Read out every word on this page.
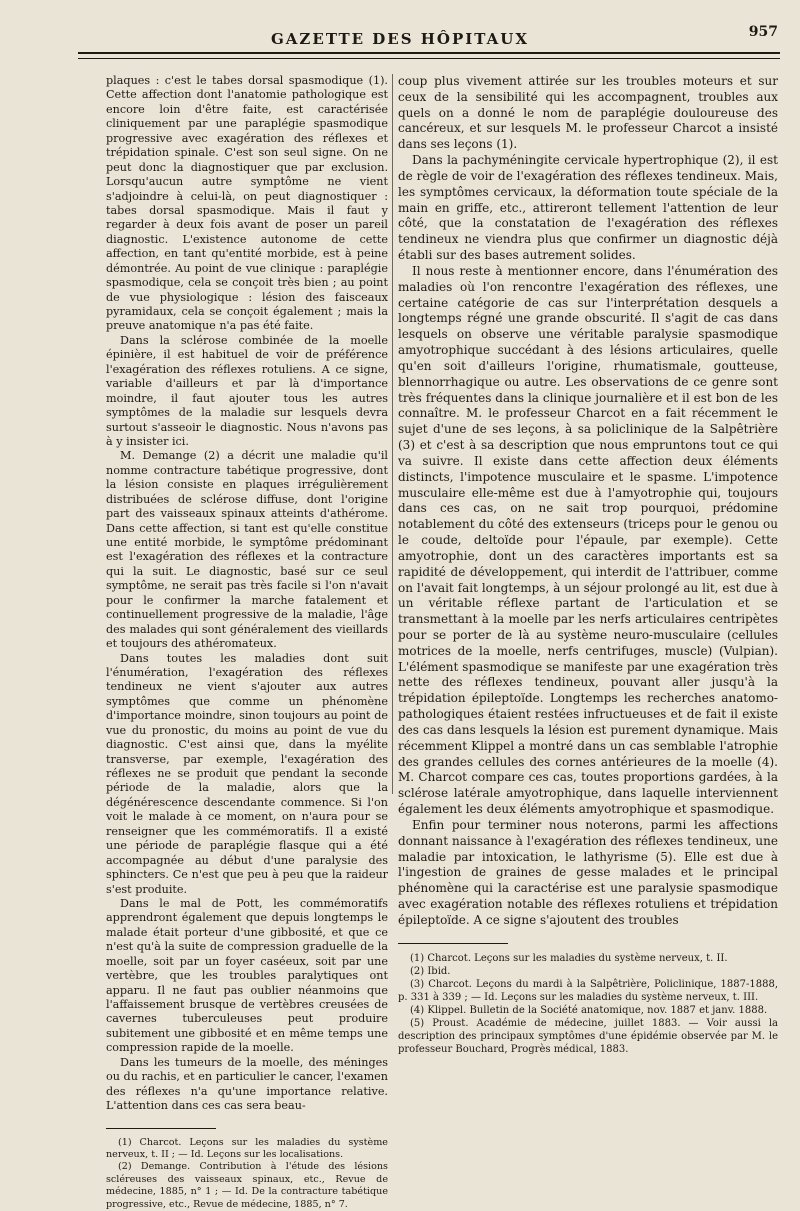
GAZETTE DES HÔPITAUX	957

plaques : c'est le tabes dorsal spasmodique (1). Cette affection dont l'anatomie pathologique est encore loin d'être faite, est caractérisée cliniquement par une paraplégie spasmodique progressive avec exagération des réflexes et trépidation spinale. C'est son seul signe. On ne peut donc la diagnostiquer que par exclusion. Lorsqu'aucun autre symptôme ne vient s'adjoindre à celui-là, on peut diagnostiquer : tabes dorsal spasmodique. Mais il faut y regarder à deux fois avant de poser un pareil diagnostic. L'existence autonome de cette affection, en tant qu'entité morbide, est à peine démontrée. Au point de vue clinique : paraplégie spasmodique, cela se conçoit très bien ; au point de vue physiologique : lésion des faisceaux pyramidaux, cela se conçoit également ; mais la preuve anatomique n'a pas été faite.

Dans la sclérose combinée de la moelle épinière, il est habituel de voir de préférence l'exagération des réflexes rotuliens. A ce signe, variable d'ailleurs et par là d'importance moindre, il faut ajouter tous les autres symptômes de la maladie sur lesquels devra surtout s'asseoir le diagnostic. Nous n'avons pas à y insister ici.

M. Demange (2) a décrit une maladie qu'il nomme contracture tabétique progressive, dont la lésion consiste en plaques irrégulièrement distribuées de sclérose diffuse, dont l'origine part des vaisseaux spinaux atteints d'athérome. Dans cette affection, si tant est qu'elle constitue une entité morbide, le symptôme prédominant est l'exagération des réflexes et la contracture qui la suit. Le diagnostic, basé sur ce seul symptôme, ne serait pas très facile si l'on n'avait pour le confirmer la marche fatalement et continuellement progressive de la maladie, l'âge des malades qui sont généralement des vieillards et toujours des athéromateux.

Dans toutes les maladies dont suit l'énumération, l'exagération des réflexes tendineux ne vient s'ajouter aux autres symptômes que comme un phénomène d'importance moindre, sinon toujours au point de vue du pronostic, du moins au point de vue du diagnostic. C'est ainsi que, dans la myélite transverse, par exemple, l'exagération des réflexes ne se produit que pendant la seconde période de la maladie, alors que la dégénérescence descendante commence. Si l'on voit le malade à ce moment, on n'aura pour se renseigner que les commémoratifs. Il a existé une période de paraplégie flasque qui a été accompagnée au début d'une paralysie des sphincters. Ce n'est que peu à peu que la raideur s'est produite.

Dans le mal de Pott, les commémoratifs apprendront également que depuis longtemps le malade était porteur d'une gibbosité, et que ce n'est qu'à la suite de compression graduelle de la moelle, soit par un foyer caséeux, soit par une vertèbre, que les troubles paralytiques ont apparu. Il ne faut pas oublier néanmoins que l'affaissement brusque de vertèbres creusées de cavernes tuberculeuses peut produire subitement une gibbosité et en même temps une compression rapide de la moelle.

Dans les tumeurs de la moelle, des méninges ou du rachis, et en particulier le cancer, l'examen des réflexes n'a qu'une importance relative. L'attention dans ces cas sera beau-

(1) Charcot. Leçons sur les maladies du système nerveux, t. II ; — Id. Leçons sur les localisations.

(2) Demange. Contribution à l'étude des lésions scléreuses des vaisseaux spinaux, etc., Revue de médecine, 1885, n° 1 ; — Id. De la contracture tabétique progressive, etc., Revue de médecine, 1885, n° 7.

coup plus vivement attirée sur les troubles moteurs et sur ceux de la sensibilité qui les accompagnent, troubles aux quels on a donné le nom de paraplégie douloureuse des cancéreux, et sur lesquels M. le professeur Charcot a insisté dans ses leçons (1).

Dans la pachyméningite cervicale hypertrophique (2), il est de règle de voir de l'exagération des réflexes tendineux. Mais, les symptômes cervicaux, la déformation toute spéciale de la main en griffe, etc., attireront tellement l'attention de leur côté, que la constatation de l'exagération des réflexes tendineux ne viendra plus que confirmer un diagnostic déjà établi sur des bases autrement solides.

Il nous reste à mentionner encore, dans l'énumération des maladies où l'on rencontre l'exagération des réflexes, une certaine catégorie de cas sur l'interprétation desquels a longtemps régné une grande obscurité. Il s'agit de cas dans lesquels on observe une véritable paralysie spasmodique amyotrophique succédant à des lésions articulaires, quelle qu'en soit d'ailleurs l'origine, rhumatismale, goutteuse, blennorrhagique ou autre. Les observations de ce genre sont très fréquentes dans la clinique journalière et il est bon de les connaître. M. le professeur Charcot en a fait récemment le sujet d'une de ses leçons, à sa policlinique de la Salpêtrière (3) et c'est à sa description que nous empruntons tout ce qui va suivre. Il existe dans cette affection deux éléments distincts, l'impotence musculaire et le spasme. L'impotence musculaire elle-même est due à l'amyotrophie qui, toujours dans ces cas, on ne sait trop pourquoi, prédomine notablement du côté des extenseurs (triceps pour le genou ou le coude, deltoïde pour l'épaule, par exemple). Cette amyotrophie, dont un des caractères importants est sa rapidité de développement, qui interdit de l'attribuer, comme on l'avait fait longtemps, à un séjour prolongé au lit, est due à un véritable réflexe partant de l'articulation et se transmettant à la moelle par les nerfs articulaires centripètes pour se porter de là au système neuro-musculaire (cellules motrices de la moelle, nerfs centrifuges, muscle) (Vulpian). L'élément spasmodique se manifeste par une exagération très nette des réflexes tendineux, pouvant aller jusqu'à la trépidation épileptoïde. Longtemps les recherches anatomo-pathologiques étaient restées infructueuses et de fait il existe des cas dans lesquels la lésion est purement dynamique. Mais récemment Klippel a montré dans un cas semblable l'atrophie des grandes cellules des cornes antérieures de la moelle (4). M. Charcot compare ces cas, toutes proportions gardées, à la sclérose latérale amyotrophique, dans laquelle interviennent également les deux éléments amyotrophique et spasmodique.

Enfin pour terminer nous noterons, parmi les affections donnant naissance à l'exagération des réflexes tendineux, une maladie par intoxication, le lathyrisme (5). Elle est due à l'ingestion de graines de gesse malades et le principal phénomène qui la caractérise est une paralysie spasmodique avec exagération notable des réflexes rotuliens et trépidation épileptoïde. A ce signe s'ajoutent des troubles

(1) Charcot. Leçons sur les maladies du système nerveux, t. II.

(2) Ibid.

(3) Charcot. Leçons du mardi à la Salpêtrière, Policlinique, 1887-1888, p. 331 à 339 ; — Id. Leçons sur les maladies du système nerveux, t. III.

(4) Klippel. Bulletin de la Société anatomique, nov. 1887 et janv. 1888.

(5) Proust. Académie de médecine, juillet 1883. — Voir aussi la description des principaux symptômes d'une épidémie observée par M. le professeur Bouchard, Progrès médical, 1883.
